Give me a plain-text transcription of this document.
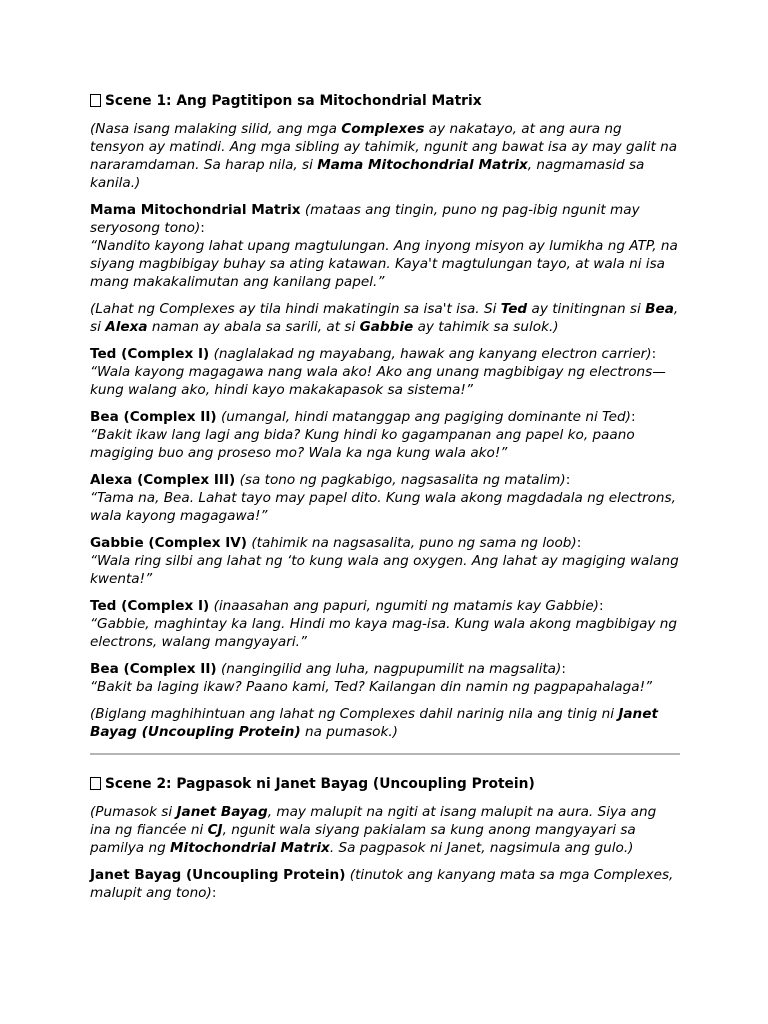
Scene 1: Ang Pagtitipon sa Mitochondrial Matrix

(Nasa isang malaking silid, ang mga Complexes ay nakatayo, at ang aura ng tensyon ay matindi. Ang mga sibling ay tahimik, ngunit ang bawat isa ay may galit na nararamdaman. Sa harap nila, si Mama Mitochondrial Matrix, nagmamasid sa kanila.)

Mama Mitochondrial Matrix (mataas ang tingin, puno ng pag-ibig ngunit may seryosong tono):
“Nandito kayong lahat upang magtulungan. Ang inyong misyon ay lumikha ng ATP, na siyang magbibigay buhay sa ating katawan. Kaya't magtulungan tayo, at wala ni isa mang makakalimutan ang kanilang papel.”

(Lahat ng Complexes ay tila hindi makatingin sa isa't isa. Si Ted ay tinitingnan si Bea, si Alexa naman ay abala sa sarili, at si Gabbie ay tahimik sa sulok.)

Ted (Complex I) (naglalakad ng mayabang, hawak ang kanyang electron carrier):
“Wala kayong magagawa nang wala ako! Ako ang unang magbibigay ng electrons—kung walang ako, hindi kayo makakapasok sa sistema!”

Bea (Complex II) (umangal, hindi matanggap ang pagiging dominante ni Ted):
“Bakit ikaw lang lagi ang bida? Kung hindi ko gagampanan ang papel ko, paano magiging buo ang proseso mo? Wala ka nga kung wala ako!”

Alexa (Complex III) (sa tono ng pagkabigo, nagsasalita ng matalim):
“Tama na, Bea. Lahat tayo may papel dito. Kung wala akong magdadala ng electrons, wala kayong magagawa!”

Gabbie (Complex IV) (tahimik na nagsasalita, puno ng sama ng loob):
“Wala ring silbi ang lahat ng ‘to kung wala ang oxygen. Ang lahat ay magiging walang kwenta!”

Ted (Complex I) (inaasahan ang papuri, ngumiti ng matamis kay Gabbie):
“Gabbie, maghintay ka lang. Hindi mo kaya mag-isa. Kung wala akong magbibigay ng electrons, walang mangyayari.”

Bea (Complex II) (nangingilid ang luha, nagpupumilit na magsalita):
“Bakit ba laging ikaw? Paano kami, Ted? Kailangan din namin ng pagpapahalaga!”

(Biglang maghihintuan ang lahat ng Complexes dahil narinig nila ang tinig ni Janet Bayag (Uncoupling Protein) na pumasok.)

Scene 2: Pagpasok ni Janet Bayag (Uncoupling Protein)

(Pumasok si Janet Bayag, may malupit na ngiti at isang malupit na aura. Siya ang ina ng fiancée ni CJ, ngunit wala siyang pakialam sa kung anong mangyayari sa pamilya ng Mitochondrial Matrix. Sa pagpasok ni Janet, nagsimula ang gulo.)

Janet Bayag (Uncoupling Protein) (tinutok ang kanyang mata sa mga Complexes, malupit ang tono):
